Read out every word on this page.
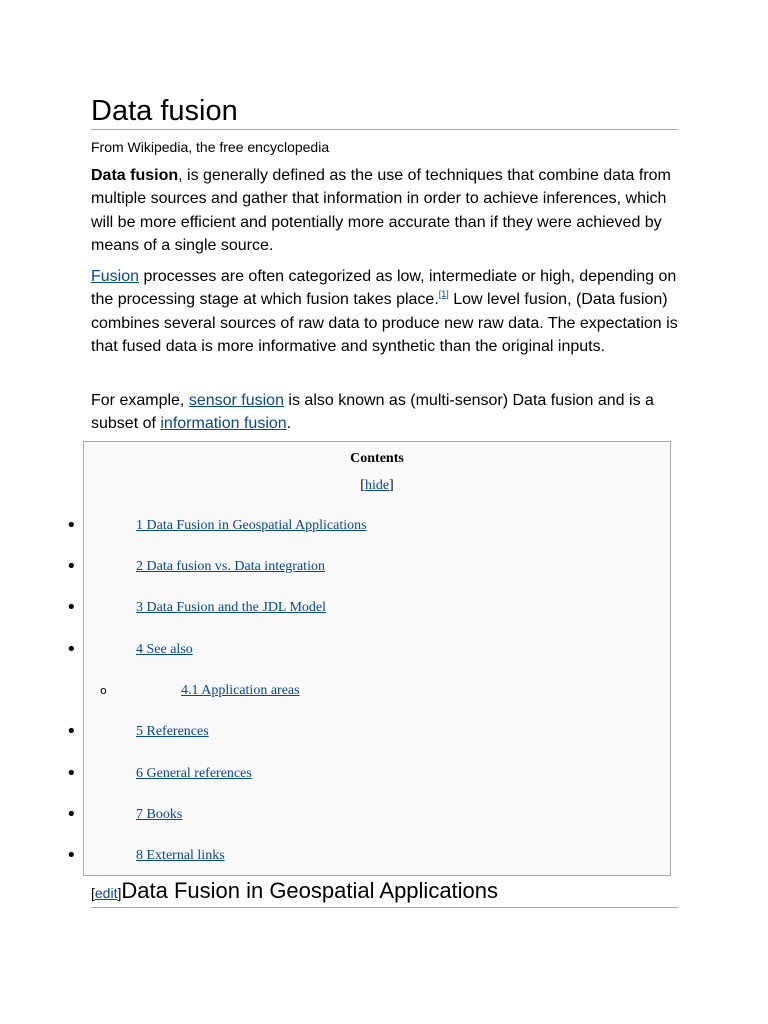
Data fusion
From Wikipedia, the free encyclopedia

Data fusion, is generally defined as the use of techniques that combine data from multiple sources and gather that information in order to achieve inferences, which will be more efficient and potentially more accurate than if they were achieved by means of a single source.

Fusion processes are often categorized as low, intermediate or high, depending on the processing stage at which fusion takes place.[1] Low level fusion, (Data fusion) combines several sources of raw data to produce new raw data. The expectation is that fused data is more informative and synthetic than the original inputs.

For example, sensor fusion is also known as (multi-sensor) Data fusion and is a subset of information fusion.

Contents
[hide]
•	1 Data Fusion in Geospatial Applications
•	2 Data fusion vs. Data integration
•	3 Data Fusion and the JDL Model
•	4 See also
o	4.1 Application areas
•	5 References
•	6 General references
•	7 Books
•	8 External links
[edit]Data Fusion in Geospatial Applications
